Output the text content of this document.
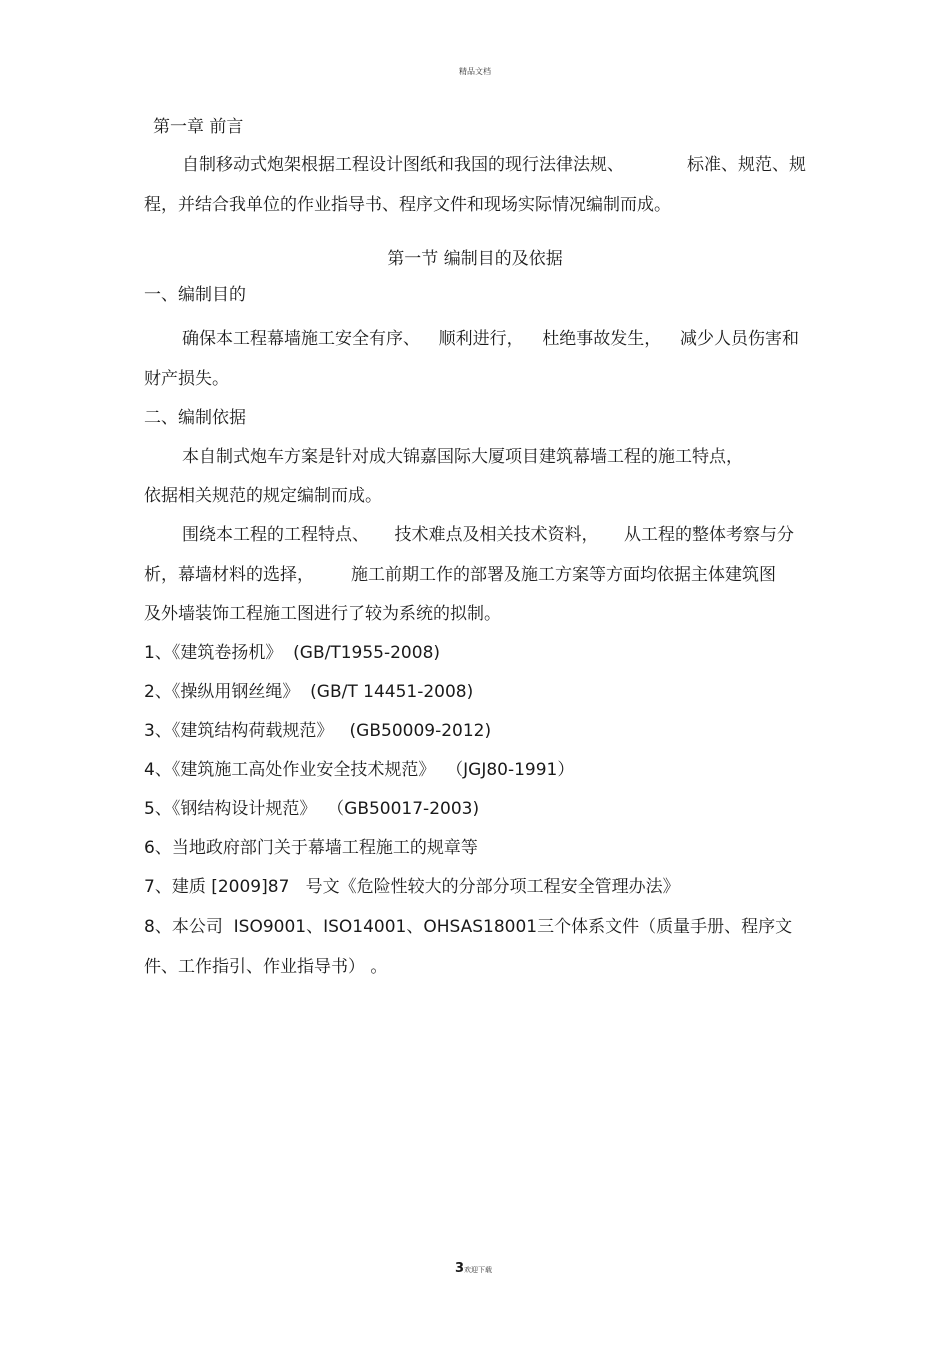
精品文档
第一章 前言
自制移动式炮架根据工程设计图纸和我国的现行法律法规、	标准、规范、规
程，并结合我单位的作业指导书、程序文件和现场实际情况编制而成。
第一节 编制目的及依据
一、编制目的
确保本工程幕墙施工安全有序、 顺利进行， 杜绝事故发生， 减少人员伤害和
财产损失。
二、编制依据
本自制式炮车方案是针对成大锦嘉国际大厦项目建筑幕墙工程的施工特点，
依据相关规范的规定编制而成。
围绕本工程的工程特点、 技术难点及相关技术资料， 从工程的整体考察与分
析，幕墙材料的选择， 施工前期工作的部署及施工方案等方面均依据主体建筑图
及外墙装饰工程施工图进行了较为系统的拟制。
1、《建筑卷扬机》 (GB/T1955-2008)
2、《操纵用钢丝绳》 (GB/T 14451-2008)
3、《建筑结构荷载规范》 (GB50009-2012)
4、《建筑施工高处作业安全技术规范》 （JGJ80-1991）
5、《钢结构设计规范》 （GB50017-2003)
6、当地政府部门关于幕墙工程施工的规章等
7、建质 [2009]87 号文《危险性较大的分部分项工程安全管理办法》
8、本公司 ISO9001、ISO14001、OHSAS18001三个体系文件（质量手册、程序文
件、工作指引、作业指导书） 。
3欢迎下载
